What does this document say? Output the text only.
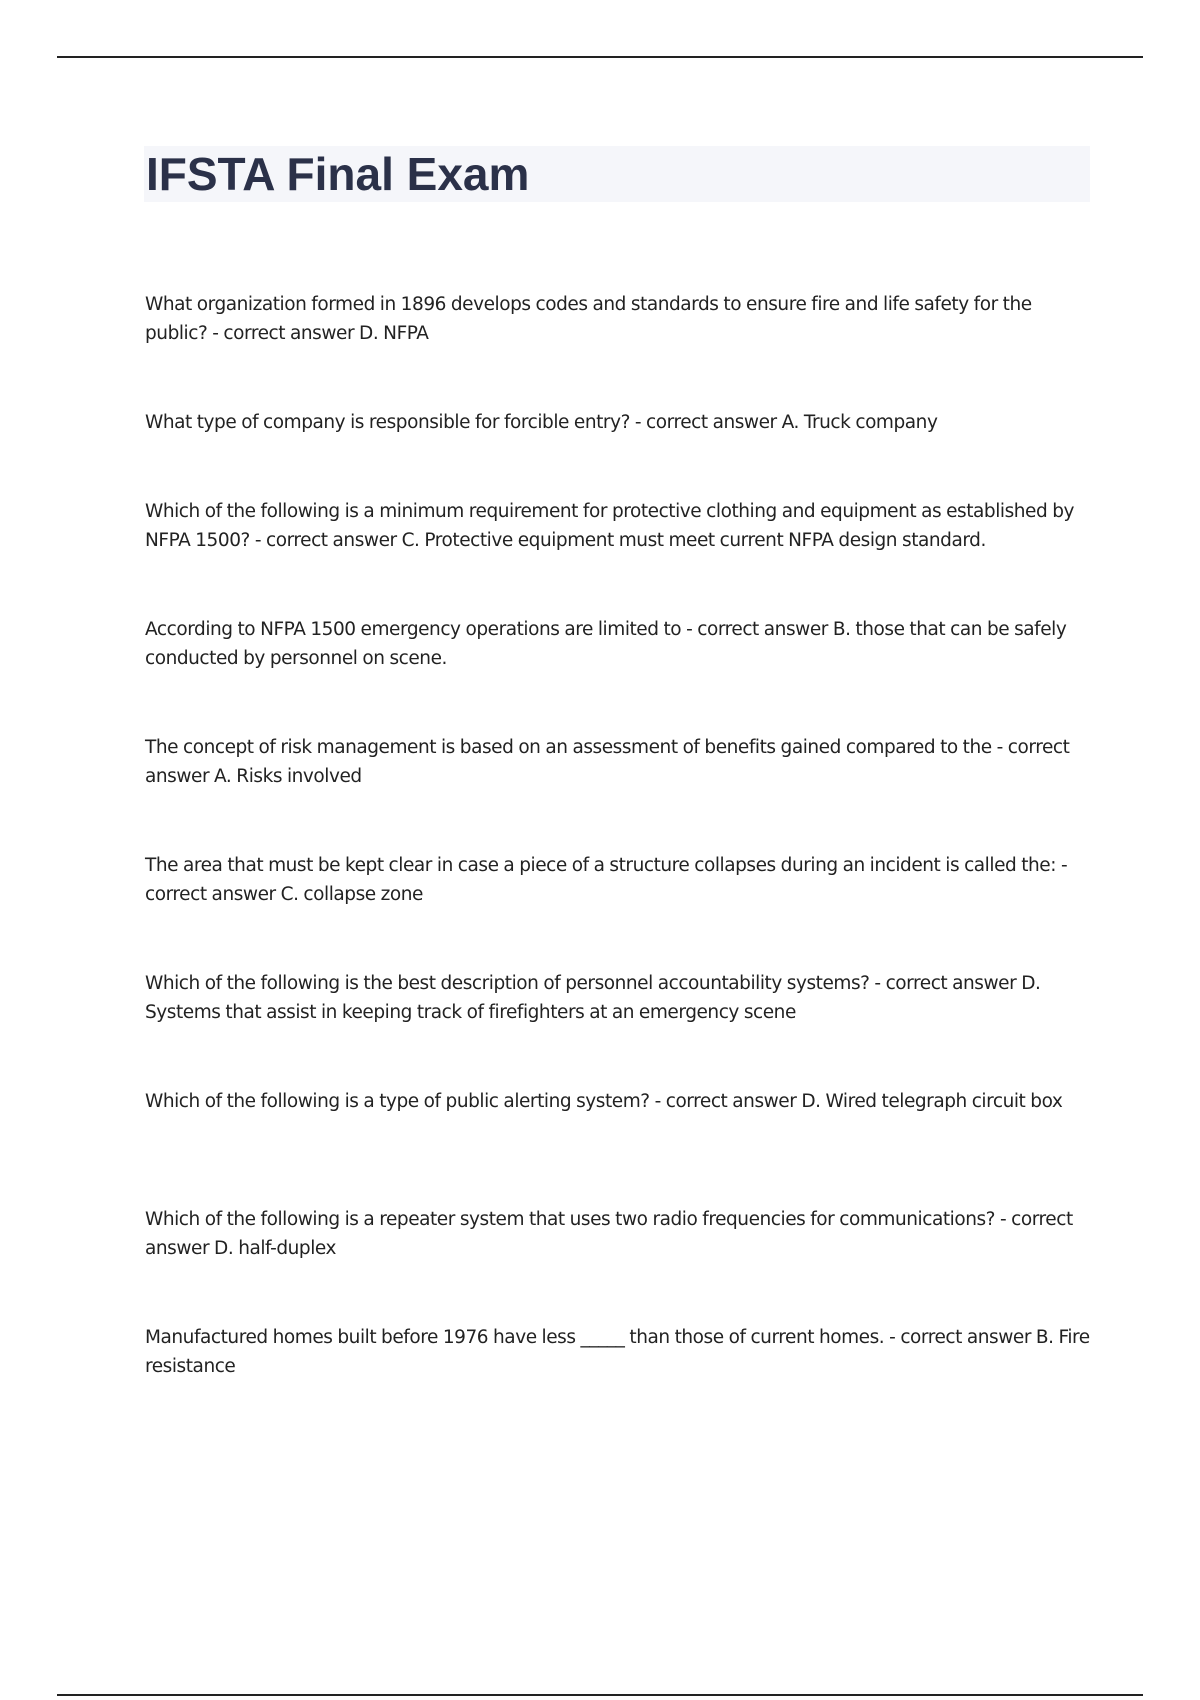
IFSTA Final Exam
What organization formed in 1896 develops codes and standards to ensure fire and life safety for the public? - correct answer D. NFPA
What type of company is responsible for forcible entry? - correct answer A. Truck company
Which of the following is a minimum requirement for protective clothing and equipment as established by NFPA 1500? - correct answer C. Protective equipment must meet current NFPA design standard.
According to NFPA 1500 emergency operations are limited to - correct answer B. those that can be safely conducted by personnel on scene.
The concept of risk management is based on an assessment of benefits gained compared to the - correct answer A. Risks involved
The area that must be kept clear in case a piece of a structure collapses during an incident is called the: - correct answer C. collapse zone
Which of the following is the best description of personnel accountability systems? - correct answer D. Systems that assist in keeping track of firefighters at an emergency scene
Which of the following is a type of public alerting system? - correct answer D. Wired telegraph circuit box
Which of the following is a repeater system that uses two radio frequencies for communications? - correct answer D. half-duplex
Manufactured homes built before 1976 have less _____ than those of current homes. - correct answer B. Fire resistance
